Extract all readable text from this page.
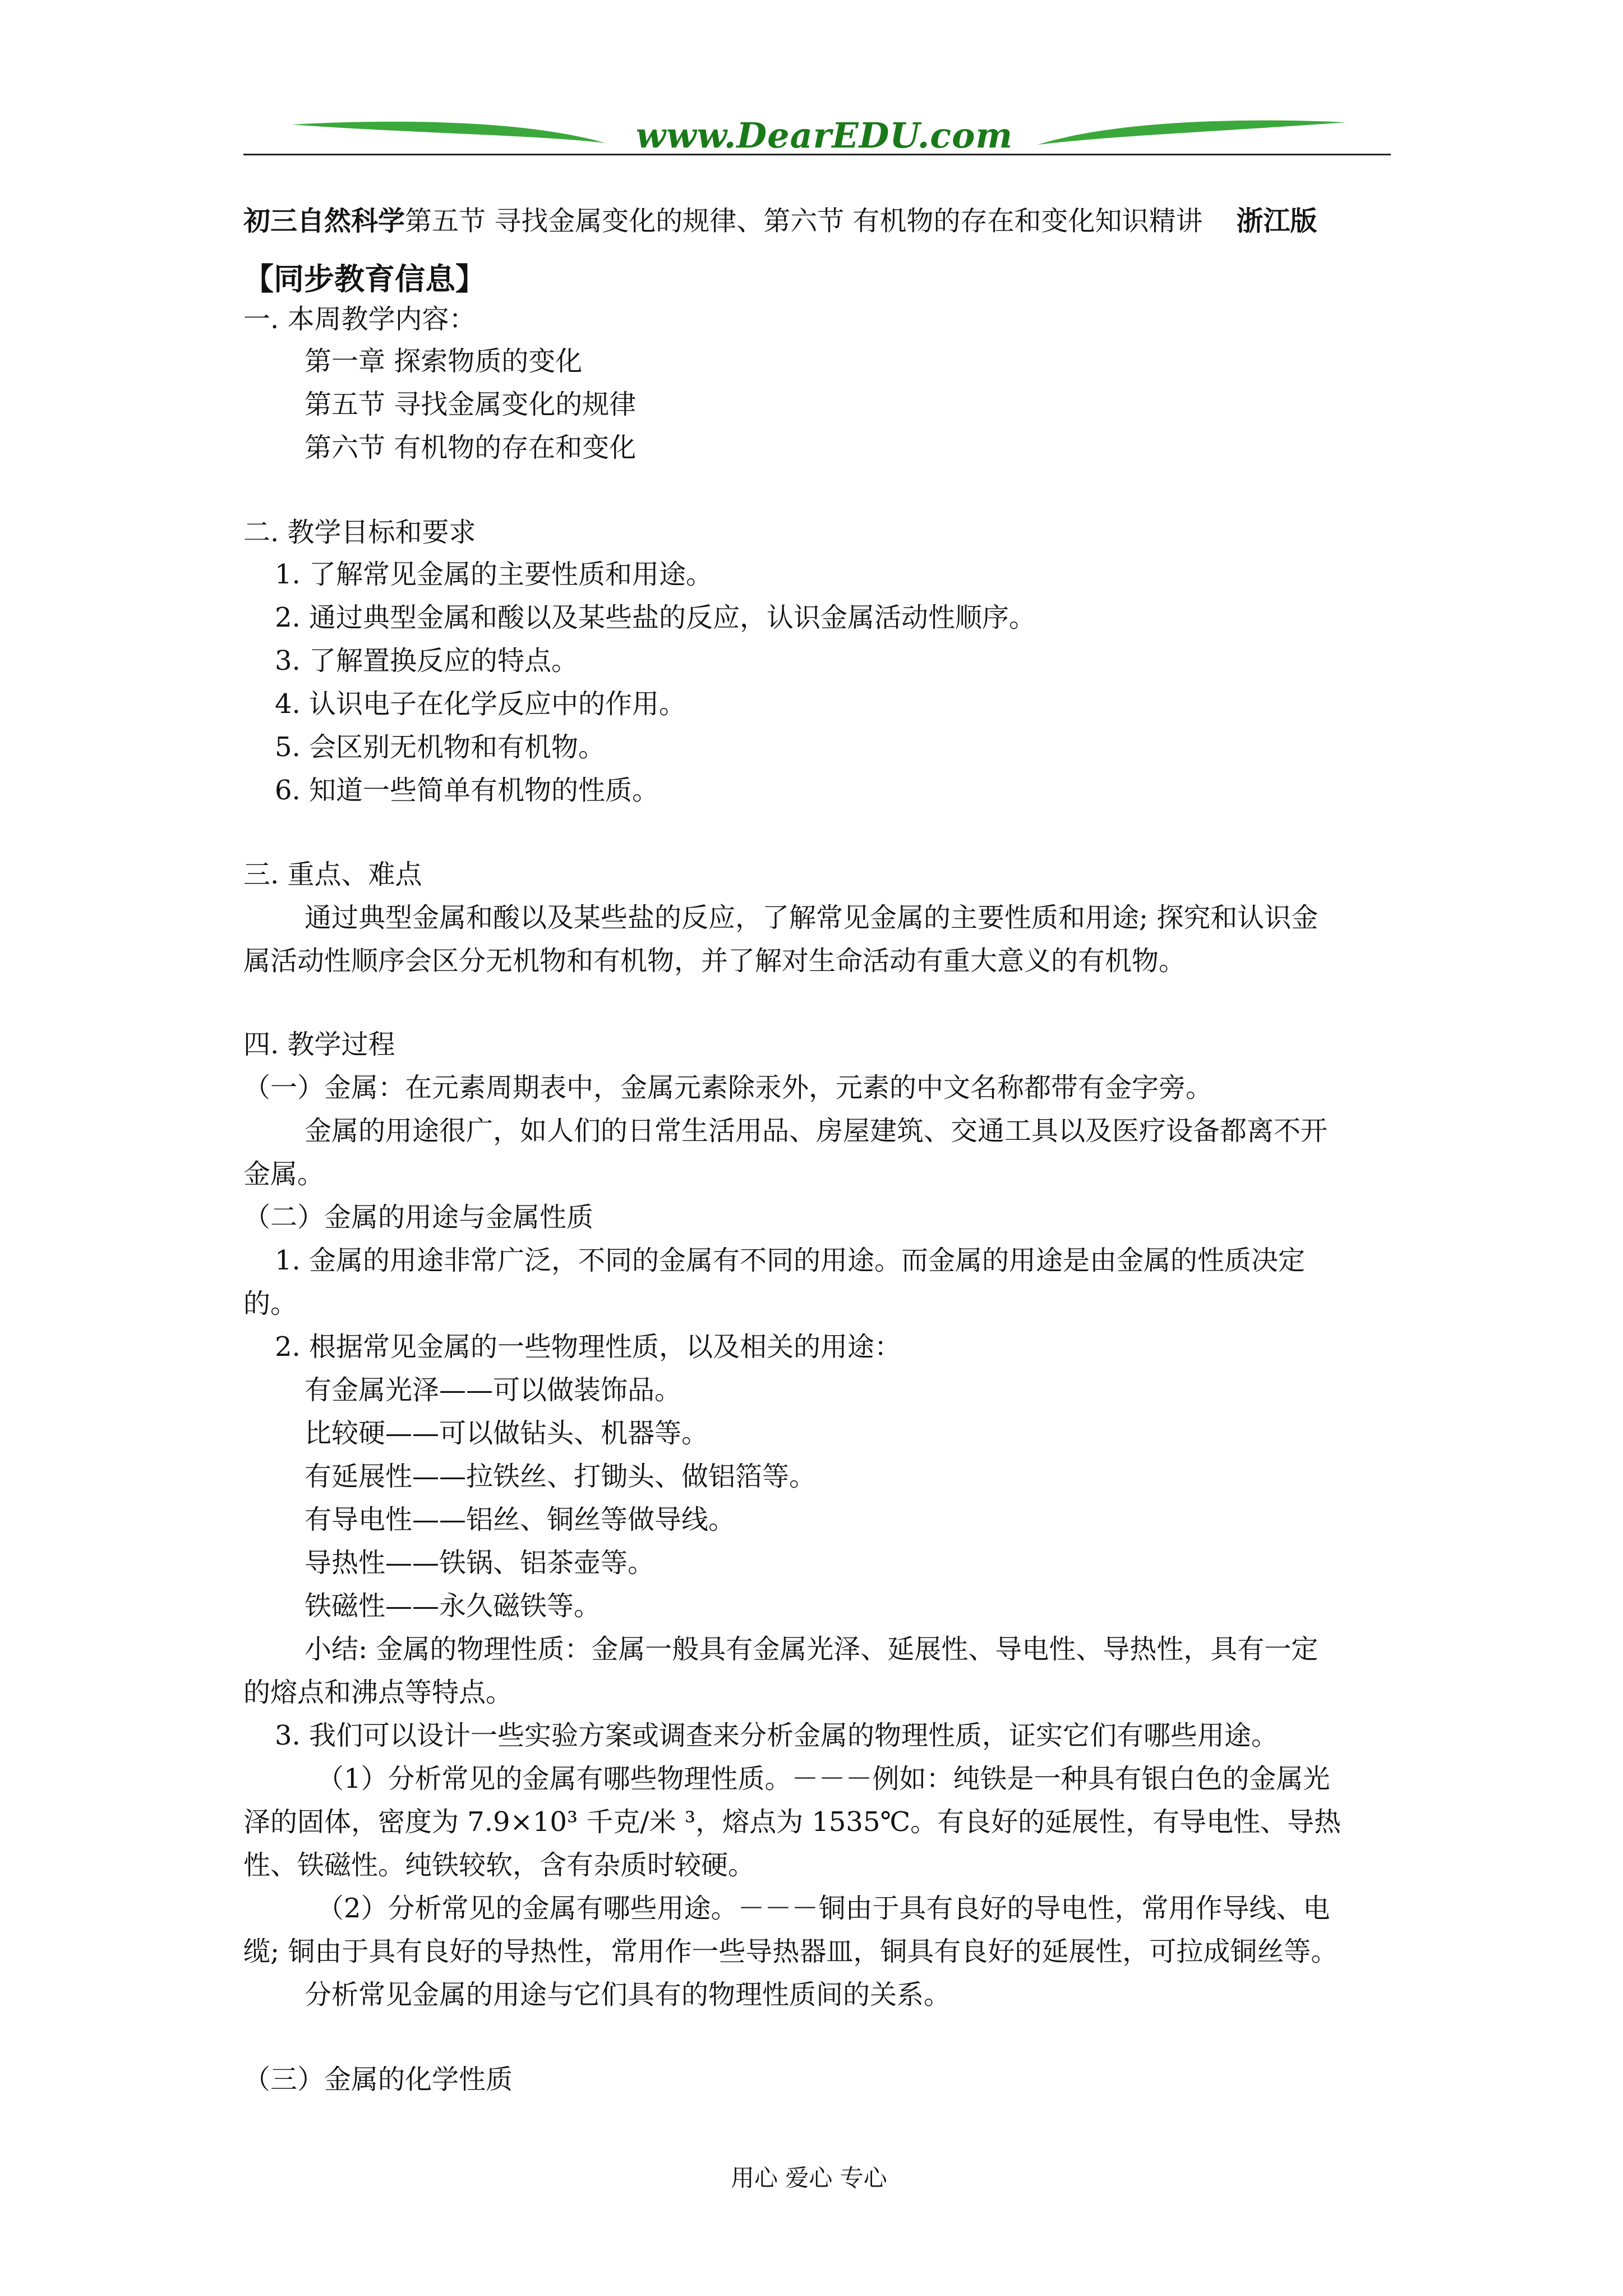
www.DearEDU.com
初三自然科学第五节 寻找金属变化的规律、第六节 有机物的存在和变化知识精讲 浙江版
【同步教育信息】
一. 本周教学内容：
第一章 探索物质的变化
第五节 寻找金属变化的规律
第六节 有机物的存在和变化
二. 教学目标和要求
1. 了解常见金属的主要性质和用途。
2. 通过典型金属和酸以及某些盐的反应，认识金属活动性顺序。
3. 了解置换反应的特点。
4. 认识电子在化学反应中的作用。
5. 会区别无机物和有机物。
6. 知道一些简单有机物的性质。
三. 重点、难点
通过典型金属和酸以及某些盐的反应，了解常见金属的主要性质和用途; 探究和认识金
属活动性顺序会区分无机物和有机物，并了解对生命活动有重大意义的有机物。
四. 教学过程
（一）金属：在元素周期表中，金属元素除汞外，元素的中文名称都带有金字旁。
金属的用途很广，如人们的日常生活用品、房屋建筑、交通工具以及医疗设备都离不开
金属。
（二）金属的用途与金属性质
1. 金属的用途非常广泛，不同的金属有不同的用途。而金属的用途是由金属的性质决定
的。
2. 根据常见金属的一些物理性质，以及相关的用途：
有金属光泽——可以做装饰品。
比较硬——可以做钻头、机器等。
有延展性——拉铁丝、打锄头、做铝箔等。
有导电性——铝丝、铜丝等做导线。
导热性——铁锅、铝茶壶等。
铁磁性——永久磁铁等。
小结: 金属的物理性质：金属一般具有金属光泽、延展性、导电性、导热性，具有一定
的熔点和沸点等特点。
3. 我们可以设计一些实验方案或调查来分析金属的物理性质，证实它们有哪些用途。
（1）分析常见的金属有哪些物理性质。－－－例如：纯铁是一种具有银白色的金属光
泽的固体，密度为 7.9×10³ 千克/米 ³，熔点为 1535℃。有良好的延展性，有导电性、导热
性、铁磁性。纯铁较软，含有杂质时较硬。
（2）分析常见的金属有哪些用途。－－－铜由于具有良好的导电性，常用作导线、电
缆; 铜由于具有良好的导热性，常用作一些导热器皿，铜具有良好的延展性，可拉成铜丝等。
分析常见金属的用途与它们具有的物理性质间的关系。
（三）金属的化学性质
用心 爱心 专心
